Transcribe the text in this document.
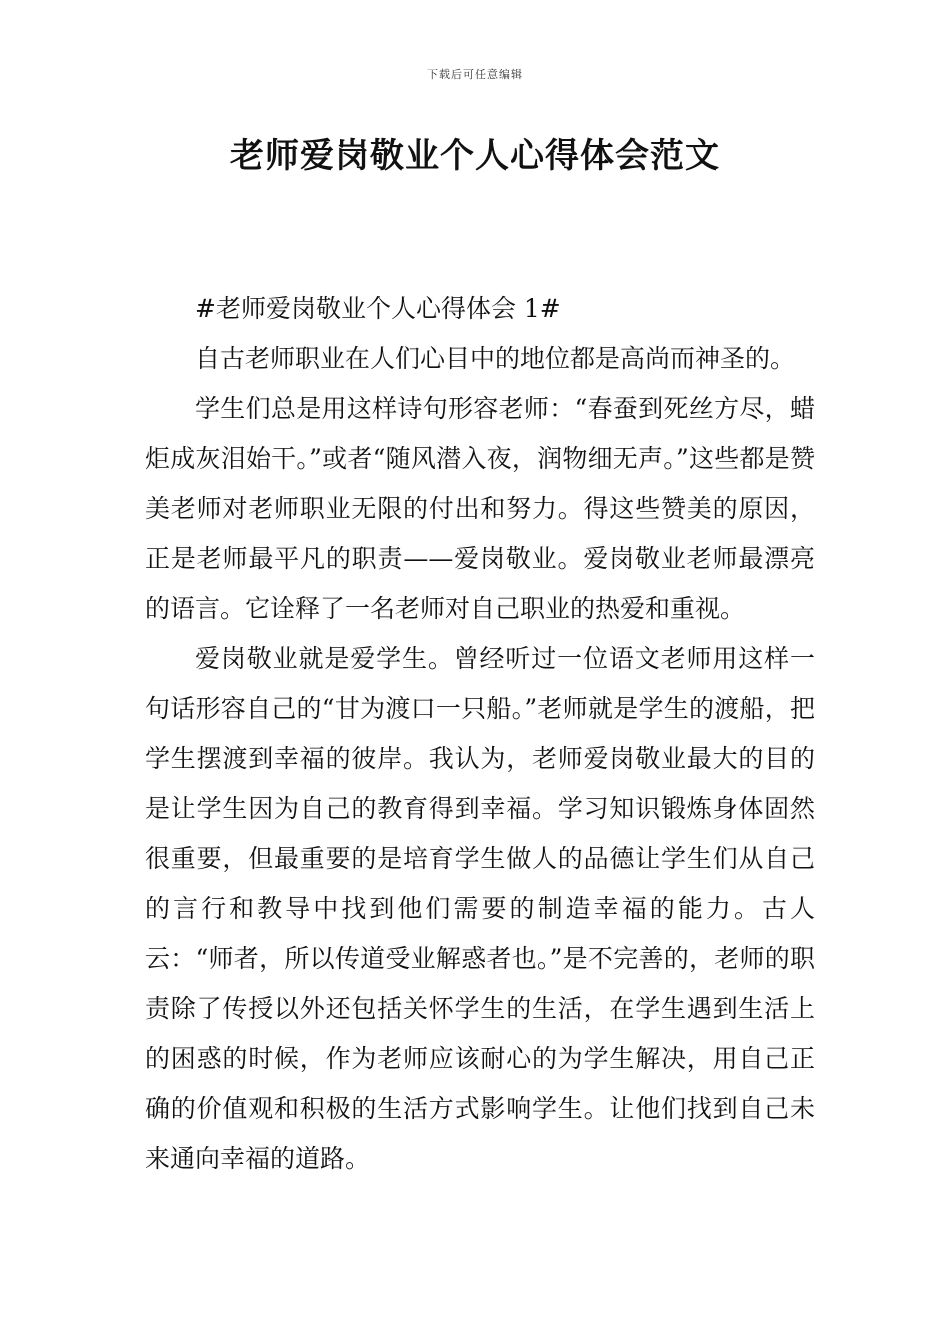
下载后可任意编辑
老师爱岗敬业个人心得体会范文

#老师爱岗敬业个人心得体会 1#

自古老师职业在人们心目中的地位都是高尚而神圣的。

学生们总是用这样诗句形容老师：“春蚕到死丝方尽，蜡炬成灰泪始干。”或者“随风潜入夜，润物细无声。”这些都是赞美老师对老师职业无限的付出和努力。得这些赞美的原因，正是老师最平凡的职责——爱岗敬业。爱岗敬业老师最漂亮的语言。它诠释了一名老师对自己职业的热爱和重视。

爱岗敬业就是爱学生。曾经听过一位语文老师用这样一句话形容自己的“甘为渡口一只船。”老师就是学生的渡船，把学生摆渡到幸福的彼岸。我认为，老师爱岗敬业最大的目的是让学生因为自己的教育得到幸福。学习知识锻炼身体固然很重要，但最重要的是培育学生做人的品德让学生们从自己的言行和教导中找到他们需要的制造幸福的能力。古人云：“师者，所以传道受业解惑者也。”是不完善的，老师的职责除了传授以外还包括关怀学生的生活，在学生遇到生活上的困惑的时候，作为老师应该耐心的为学生解决，用自己正确的价值观和积极的生活方式影响学生。让他们找到自己未来通向幸福的道路。
